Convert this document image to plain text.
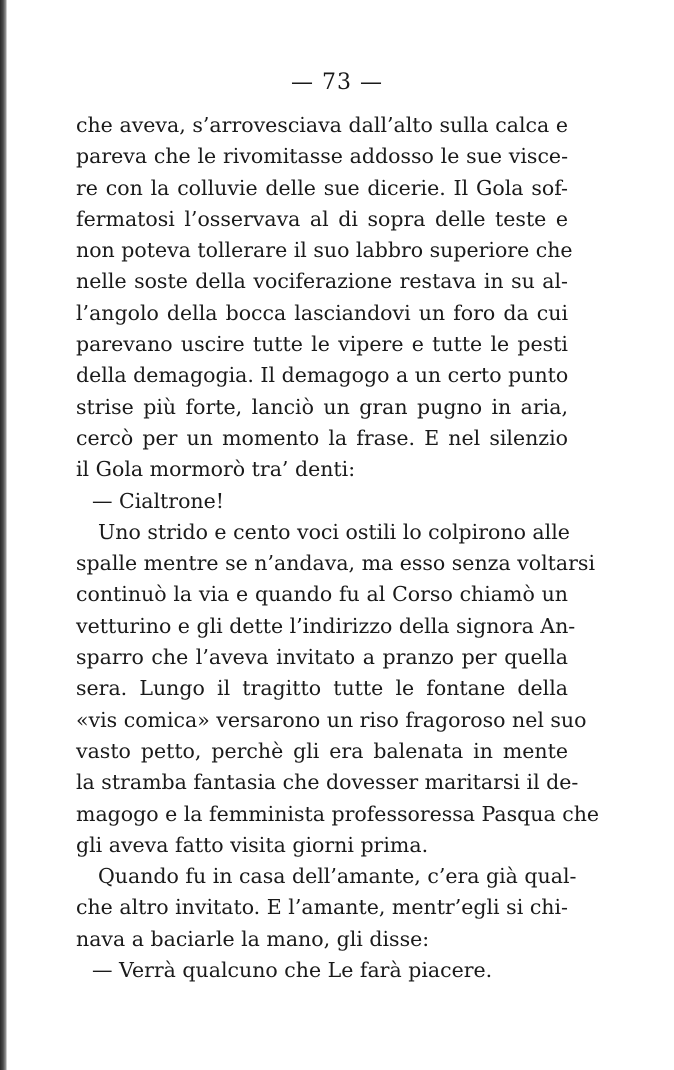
— 73 —
che aveva, s’arrovesciava dall’alto sulla calca e
pareva che le rivomitasse addosso le sue visce-
re con la colluvie delle sue dicerie. Il Gola sof-
fermatosi l’osservava al di sopra delle teste e
non poteva tollerare il suo labbro superiore che
nelle soste della vociferazione restava in su al-
l’angolo della bocca lasciandovi un foro da cui
parevano uscire tutte le vipere e tutte le pesti
della demagogia. Il demagogo a un certo punto
strise più forte, lanciò un gran pugno in aria,
cercò per un momento la frase. E nel silenzio
il Gola mormorò tra’ denti:
— Cialtrone!
Uno strido e cento voci ostili lo colpirono alle
spalle mentre se n’andava, ma esso senza voltarsi
continuò la via e quando fu al Corso chiamò un
vetturino e gli dette l’indirizzo della signora An-
sparro che l’aveva invitato a pranzo per quella
sera. Lungo il tragitto tutte le fontane della
«vis comica» versarono un riso fragoroso nel suo
vasto petto, perchè gli era balenata in mente
la stramba fantasia che dovesser maritarsi il de-
magogo e la femminista professoressa Pasqua che
gli aveva fatto visita giorni prima.
Quando fu in casa dell’amante, c’era già qual-
che altro invitato. E l’amante, mentr’egli si chi-
nava a baciarle la mano, gli disse:
— Verrà qualcuno che Le farà piacere.
